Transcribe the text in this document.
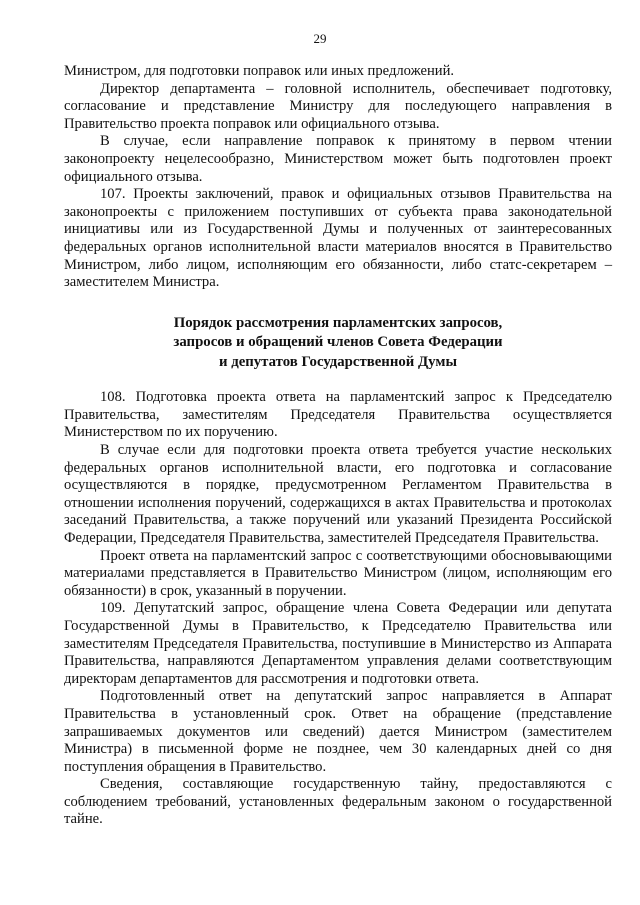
29

Министром, для подготовки поправок или иных предложений.

Директор департамента – головной исполнитель, обеспечивает подготовку, согласование и представление Министру для последующего направления в Правительство проекта поправок или официального отзыва.

В случае, если направление поправок к принятому в первом чтении законопроекту нецелесообразно, Министерством может быть подготовлен проект официального отзыва.

107. Проекты заключений, правок и официальных отзывов Правительства на законопроекты с приложением поступивших от субъекта права законодательной инициативы или из Государственной Думы и полученных от заинтересованных федеральных органов исполнительной власти материалов вносятся в Правительство Министром, либо лицом, исполняющим его обязанности, либо статс-секретарем – заместителем Министра.

Порядок рассмотрения парламентских запросов,
запросов и обращений членов Совета Федерации
и депутатов Государственной Думы

108. Подготовка проекта ответа на парламентский запрос к Председателю Правительства, заместителям Председателя Правительства осуществляется Министерством по их поручению.

В случае если для подготовки проекта ответа требуется участие нескольких федеральных органов исполнительной власти, его подготовка и согласование осуществляются в порядке, предусмотренном Регламентом Правительства в отношении исполнения поручений, содержащихся в актах Правительства и протоколах заседаний Правительства, а также поручений или указаний Президента Российской Федерации, Председателя Правительства, заместителей Председателя Правительства.

Проект ответа на парламентский запрос с соответствующими обосновывающими материалами представляется в Правительство Министром (лицом, исполняющим его обязанности) в срок, указанный в поручении.

109. Депутатский запрос, обращение члена Совета Федерации или депутата Государственной Думы в Правительство, к Председателю Правительства или заместителям Председателя Правительства, поступившие в Министерство из Аппарата Правительства, направляются Департаментом управления делами соответствующим директорам департаментов для рассмотрения и подготовки ответа.

Подготовленный ответ на депутатский запрос направляется в Аппарат Правительства в установленный срок. Ответ на обращение (представление запрашиваемых документов или сведений) дается Министром (заместителем Министра) в письменной форме не позднее, чем 30 календарных дней со дня поступления обращения в Правительство.

Сведения, составляющие государственную тайну, предоставляются с соблюдением требований, установленных федеральным законом о государственной тайне.
